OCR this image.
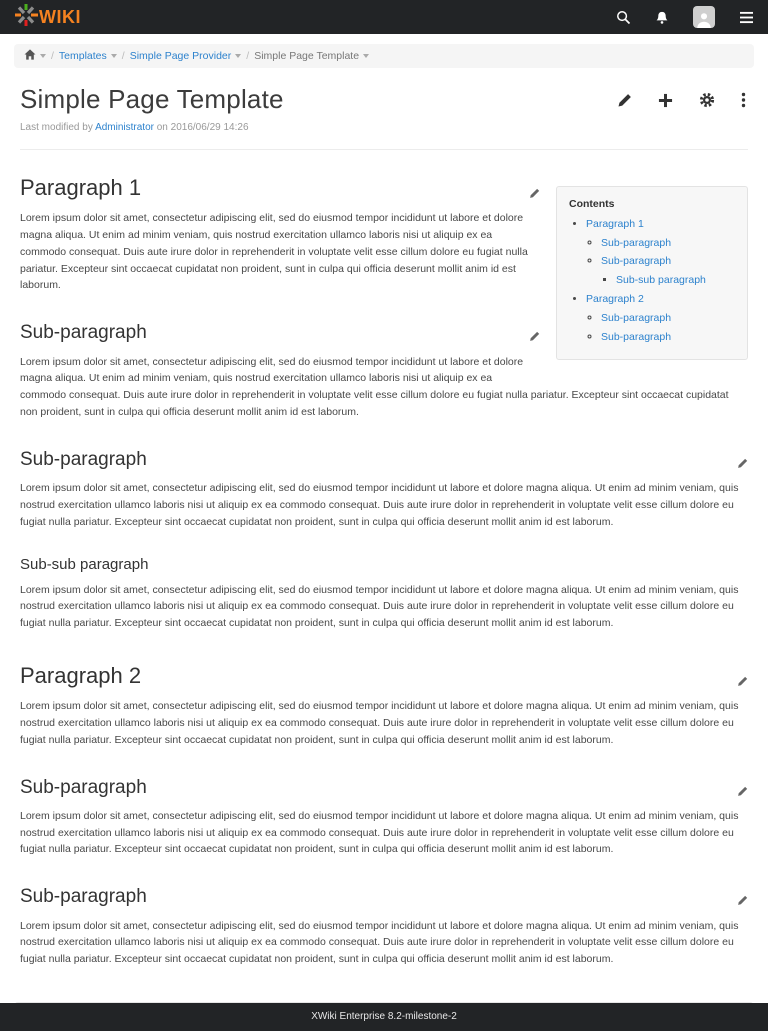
WIKI
/ Templates / Simple Page Provider / Simple Page Template
Simple Page Template
Last modified by Administrator on 2016/06/29 14:26
Contents
• Paragraph 1
◦ Sub-paragraph
◦ Sub-paragraph
▪ Sub-sub paragraph
• Paragraph 2
◦ Sub-paragraph
◦ Sub-paragraph
Paragraph 1

Lorem ipsum dolor sit amet, consectetur adipiscing elit, sed do eiusmod tempor incididunt ut labore et dolore magna aliqua. Ut enim ad minim veniam, quis nostrud exercitation ullamco laboris nisi ut aliquip ex ea commodo consequat. Duis aute irure dolor in reprehenderit in voluptate velit esse cillum dolore eu fugiat nulla pariatur. Excepteur sint occaecat cupidatat non proident, sunt in culpa qui officia deserunt mollit anim id est laborum.

Sub-paragraph

Lorem ipsum dolor sit amet, consectetur adipiscing elit, sed do eiusmod tempor incididunt ut labore et dolore magna aliqua. Ut enim ad minim veniam, quis nostrud exercitation ullamco laboris nisi ut aliquip ex ea commodo consequat. Duis aute irure dolor in reprehenderit in voluptate velit esse cillum dolore eu fugiat nulla pariatur. Excepteur sint occaecat cupidatat non proident, sunt in culpa qui officia deserunt mollit anim id est laborum.

Sub-paragraph

Lorem ipsum dolor sit amet, consectetur adipiscing elit, sed do eiusmod tempor incididunt ut labore et dolore magna aliqua. Ut enim ad minim veniam, quis nostrud exercitation ullamco laboris nisi ut aliquip ex ea commodo consequat. Duis aute irure dolor in reprehenderit in voluptate velit esse cillum dolore eu fugiat nulla pariatur. Excepteur sint occaecat cupidatat non proident, sunt in culpa qui officia deserunt mollit anim id est laborum.

Sub-sub paragraph

Lorem ipsum dolor sit amet, consectetur adipiscing elit, sed do eiusmod tempor incididunt ut labore et dolore magna aliqua. Ut enim ad minim veniam, quis nostrud exercitation ullamco laboris nisi ut aliquip ex ea commodo consequat. Duis aute irure dolor in reprehenderit in voluptate velit esse cillum dolore eu fugiat nulla pariatur. Excepteur sint occaecat cupidatat non proident, sunt in culpa qui officia deserunt mollit anim id est laborum.

Paragraph 2

Lorem ipsum dolor sit amet, consectetur adipiscing elit, sed do eiusmod tempor incididunt ut labore et dolore magna aliqua. Ut enim ad minim veniam, quis nostrud exercitation ullamco laboris nisi ut aliquip ex ea commodo consequat. Duis aute irure dolor in reprehenderit in voluptate velit esse cillum dolore eu fugiat nulla pariatur. Excepteur sint occaecat cupidatat non proident, sunt in culpa qui officia deserunt mollit anim id est laborum.

Sub-paragraph

Lorem ipsum dolor sit amet, consectetur adipiscing elit, sed do eiusmod tempor incididunt ut labore et dolore magna aliqua. Ut enim ad minim veniam, quis nostrud exercitation ullamco laboris nisi ut aliquip ex ea commodo consequat. Duis aute irure dolor in reprehenderit in voluptate velit esse cillum dolore eu fugiat nulla pariatur. Excepteur sint occaecat cupidatat non proident, sunt in culpa qui officia deserunt mollit anim id est laborum.

Sub-paragraph

Lorem ipsum dolor sit amet, consectetur adipiscing elit, sed do eiusmod tempor incididunt ut labore et dolore magna aliqua. Ut enim ad minim veniam, quis nostrud exercitation ullamco laboris nisi ut aliquip ex ea commodo consequat. Duis aute irure dolor in reprehenderit in voluptate velit esse cillum dolore eu fugiat nulla pariatur. Excepteur sint occaecat cupidatat non proident, sunt in culpa qui officia deserunt mollit anim id est laborum.

XWiki Enterprise 8.2-milestone-2
